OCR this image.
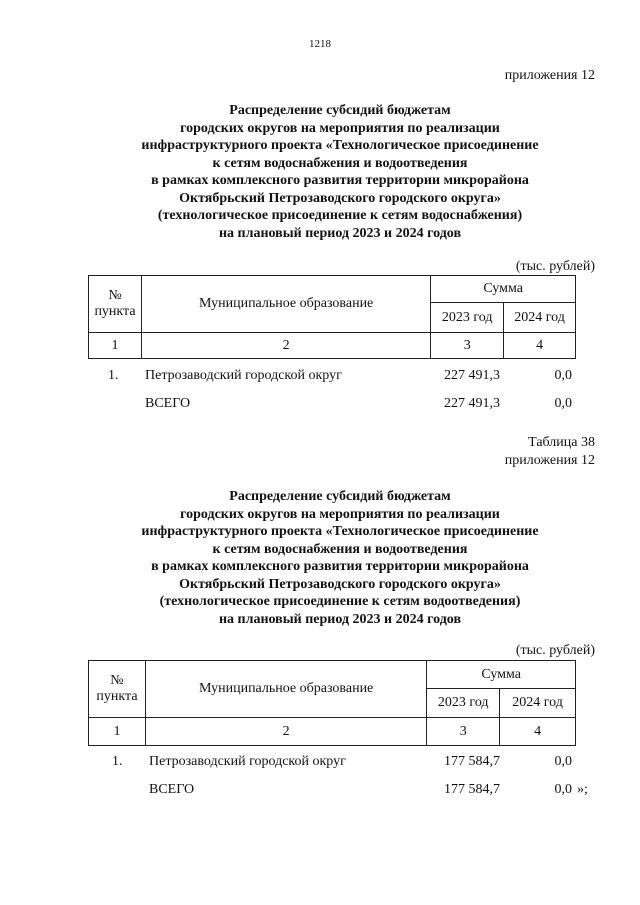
1218
приложения 12
Распределение субсидий бюджетам
городских округов на мероприятия по реализации
инфраструктурного проекта «Технологическое присоединение
к сетям водоснабжения и водоотведения
в рамках комплексного развития территории микрорайона
Октябрьский Петрозаводского городского округа»
(технологическое присоединение к сетям водоснабжения)
на плановый период 2023 и 2024 годов
(тыс. рублей)
№ пункта	Муниципальное образование	Сумма	
		2023 год	2024 год
1	2	3	4
1. Петрозаводский городской округ	227 491,3	0,0
ВСЕГО	227 491,3	0,0
Таблица 38
приложения 12
Распределение субсидий бюджетам
городских округов на мероприятия по реализации
инфраструктурного проекта «Технологическое присоединение
к сетям водоснабжения и водоотведения
в рамках комплексного развития территории микрорайона
Октябрьский Петрозаводского городского округа»
(технологическое присоединение к сетям водоотведения)
на плановый период 2023 и 2024 годов
(тыс. рублей)
№ пункта	Муниципальное образование	Сумма	
		2023 год	2024 год
1	2	3	4
1. Петрозаводский городской округ	177 584,7	0,0
ВСЕГО	177 584,7	0,0 »;
